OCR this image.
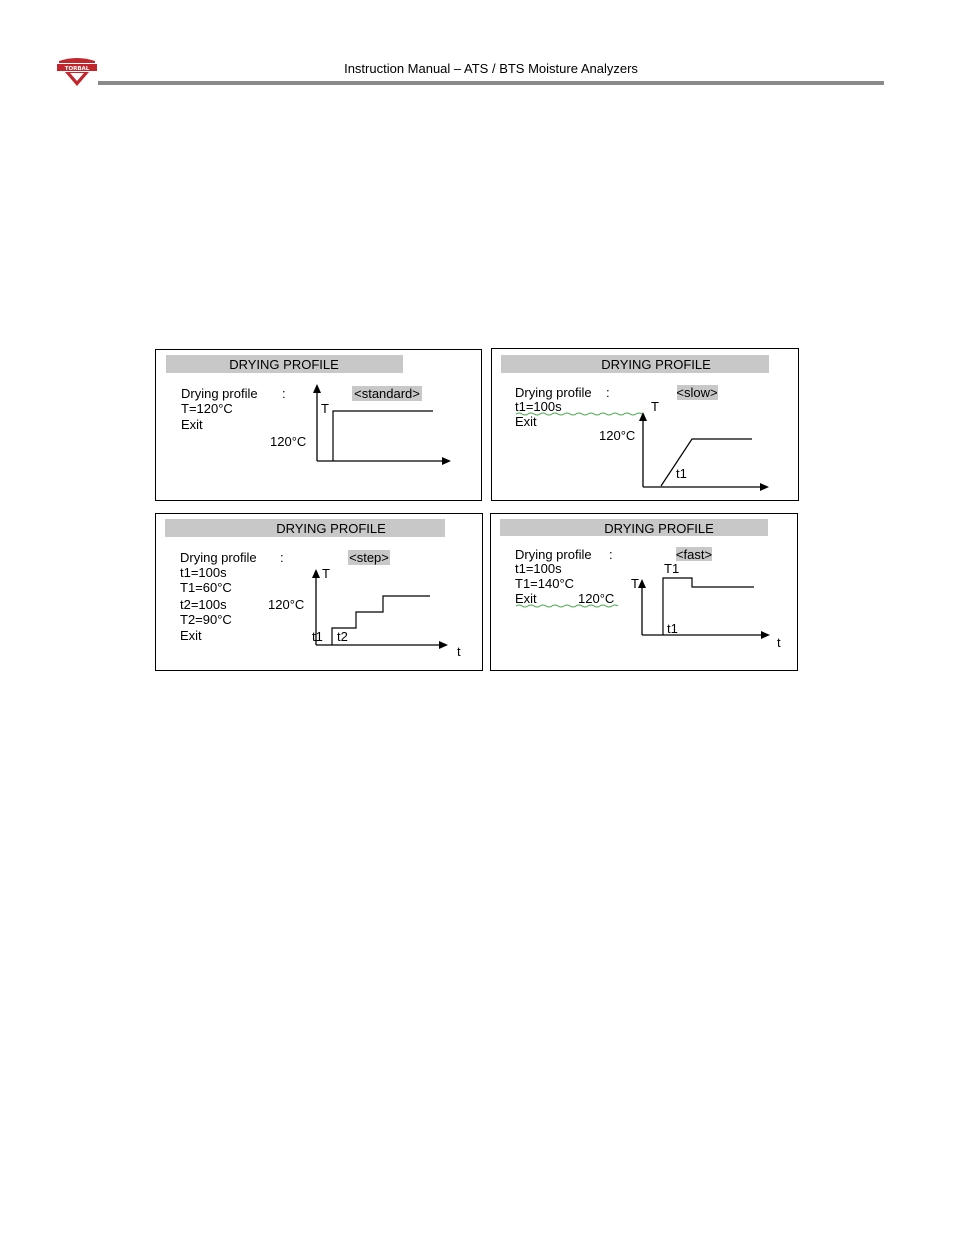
TORBAL	Instruction Manual – ATS / BTS Moisture Analyzers
DRYING PROFILE
Drying profile :	<standard>
T=120°C
Exit
T
120°C
DRYING PROFILE
Drying profile :	<slow>
t1=100s
Exit
T
120°C
t1
DRYING PROFILE
Drying profile :	<step>
t1=100s
T1=60°C
t2=100s
T2=90°C
Exit
T
120°C
t1 t2
t
DRYING PROFILE
Drying profile :	<fast>
t1=100s
T1=140°C
Exit	120°C
T
T1
t1
t
